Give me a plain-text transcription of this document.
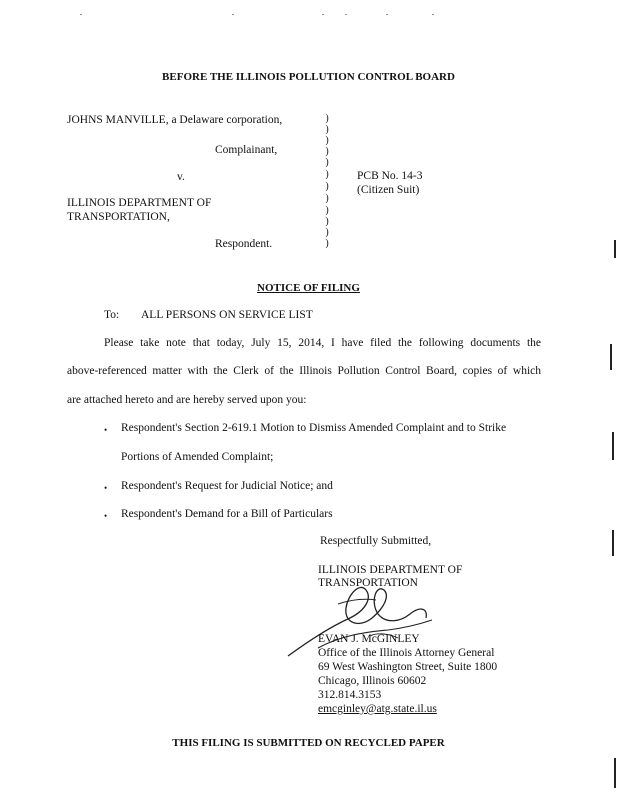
BEFORE THE ILLINOIS POLLUTION CONTROL BOARD
JOHNS MANVILLE, a Delaware corporation,
Complainant,
v.
ILLINOIS DEPARTMENT OF
TRANSPORTATION,
Respondent.
)
)
)
)
)
)
)
)
)
)
)
)
PCB No. 14-3
(Citizen Suit)
NOTICE OF FILING
To: ALL PERSONS ON SERVICE LIST
Please take note that today, July 15, 2014, I have filed the following documents the
above-referenced matter with the Clerk of the Illinois Pollution Control Board, copies of which
are attached hereto and are hereby served upon you:
• Respondent's Section 2-619.1 Motion to Dismiss Amended Complaint and to Strike
Portions of Amended Complaint;
• Respondent's Request for Judicial Notice; and
• Respondent's Demand for a Bill of Particulars
Respectfully Submitted,
ILLINOIS DEPARTMENT OF
TRANSPORTATION
EVAN J. McGINLEY
Office of the Illinois Attorney General
69 West Washington Street, Suite 1800
Chicago, Illinois 60602
312.814.3153
emcginley@atg.state.il.us
THIS FILING IS SUBMITTED ON RECYCLED PAPER
